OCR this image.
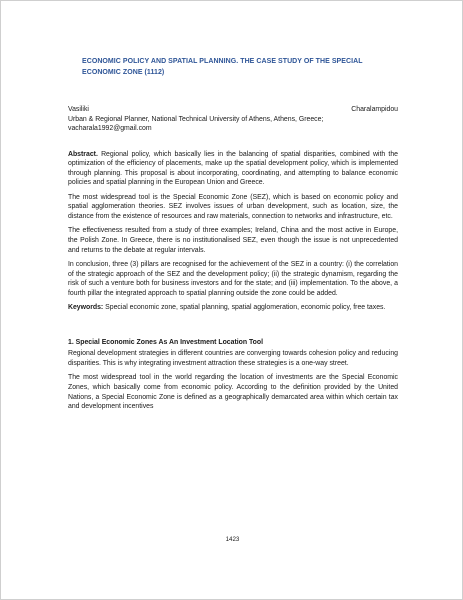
ECONOMIC POLICY AND SPATIAL PLANNING. THE CASE STUDY OF THE SPECIAL ECONOMIC ZONE (1112)
Vasiliki	Charalampidou
Urban & Regional Planner, National Technical University of Athens, Athens, Greece;
vacharala1992@gmail.com

Abstract. Regional policy, which basically lies in the balancing of spatial disparities, combined with the optimization of the efficiency of placements, make up the spatial development policy, which is implemented through planning. This proposal is about incorporating, coordinating, and attempting to balance economic policies and spatial planning in the European Union and Greece.

The most widespread tool is the Special Economic Zone (SEZ), which is based on economic policy and spatial agglomeration theories. SEZ involves issues of urban development, such as location, size, the distance from the existence of resources and raw materials, connection to networks and infrastructure, etc.

The effectiveness resulted from a study of three examples; Ireland, China and the most active in Europe, the Polish Zone. In Greece, there is no institutionalised SEZ, even though the issue is not unprecedented and returns to the debate at regular intervals.

In conclusion, three (3) pillars are recognised for the achievement of the SEZ in a country: (i) the correlation of the strategic approach of the SEZ and the development policy; (ii) the strategic dynamism, regarding the risk of such a venture both for business investors and for the state; and (iii) implementation. To the above, a fourth pillar the integrated approach to spatial planning outside the zone could be added.

Keywords: Special economic zone, spatial planning, spatial agglomeration, economic policy, free taxes.

1. Special Economic Zones As An Investment Location Tool

Regional development strategies in different countries are converging towards cohesion policy and reducing disparities. This is why integrating investment attraction these strategies is a one-way street.

The most widespread tool in the world regarding the location of investments are the Special Economic Zones, which basically come from economic policy. According to the definition provided by the United Nations, a Special Economic Zone is defined as a geographically demarcated area within which certain tax and development incentives

1423
